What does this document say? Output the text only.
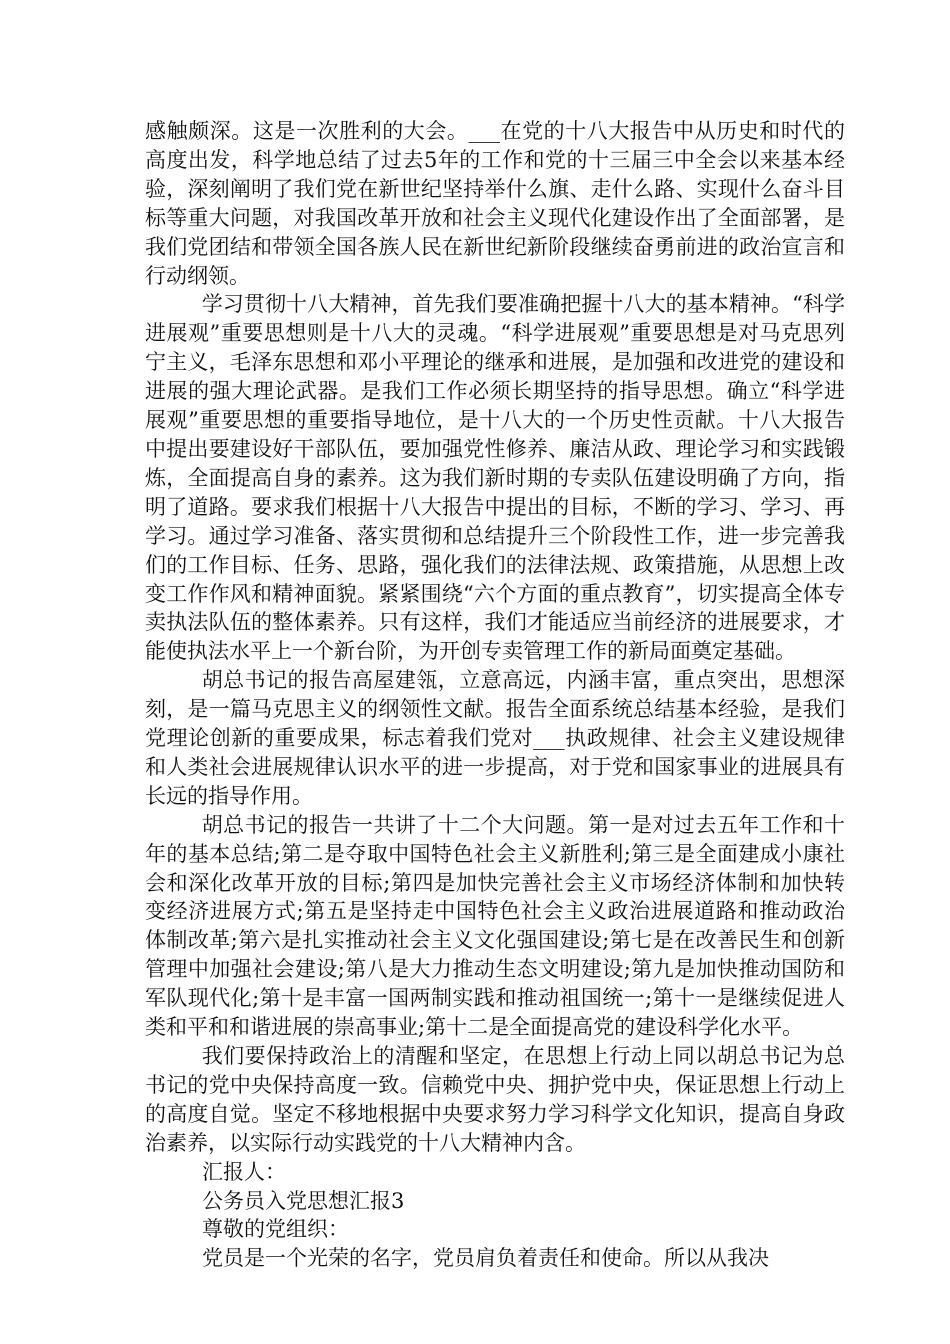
感触颇深。这是一次胜利的大会。___在党的十八大报告中从历史和时代的高度出发，科学地总结了过去5年的工作和党的十三届三中全会以来基本经验，深刻阐明了我们党在新世纪坚持举什么旗、走什么路、实现什么奋斗目标等重大问题，对我国改革开放和社会主义现代化建设作出了全面部署，是我们党团结和带领全国各族人民在新世纪新阶段继续奋勇前进的政治宣言和行动纲领。

学习贯彻十八大精神，首先我们要准确把握十八大的基本精神。“科学进展观”重要思想则是十八大的灵魂。“科学进展观”重要思想是对马克思列宁主义，毛泽东思想和邓小平理论的继承和进展，是加强和改进党的建设和进展的强大理论武器。是我们工作必须长期坚持的指导思想。确立“科学进展观”重要思想的重要指导地位，是十八大的一个历史性贡献。十八大报告中提出要建设好干部队伍，要加强党性修养、廉洁从政、理论学习和实践锻炼，全面提高自身的素养。这为我们新时期的专卖队伍建设明确了方向，指明了道路。要求我们根据十八大报告中提出的目标，不断的学习、学习、再学习。通过学习准备、落实贯彻和总结提升三个阶段性工作，进一步完善我们的工作目标、任务、思路，强化我们的法律法规、政策措施，从思想上改变工作作风和精神面貌。紧紧围绕“六个方面的重点教育”，切实提高全体专卖执法队伍的整体素养。只有这样，我们才能适应当前经济的进展要求，才能使执法水平上一个新台阶，为开创专卖管理工作的新局面奠定基础。

胡总书记的报告高屋建瓴，立意高远，内涵丰富，重点突出，思想深刻，是一篇马克思主义的纲领性文献。报告全面系统总结基本经验，是我们党理论创新的重要成果，标志着我们党对___执政规律、社会主义建设规律和人类社会进展规律认识水平的进一步提高，对于党和国家事业的进展具有长远的指导作用。

胡总书记的报告一共讲了十二个大问题。第一是对过去五年工作和十年的基本总结;第二是夺取中国特色社会主义新胜利;第三是全面建成小康社会和深化改革开放的目标;第四是加快完善社会主义市场经济体制和加快转变经济进展方式;第五是坚持走中国特色社会主义政治进展道路和推动政治体制改革;第六是扎实推动社会主义文化强国建设;第七是在改善民生和创新管理中加强社会建设;第八是大力推动生态文明建设;第九是加快推动国防和军队现代化;第十是丰富一国两制实践和推动祖国统一;第十一是继续促进人类和平和和谐进展的崇高事业;第十二是全面提高党的建设科学化水平。

我们要保持政治上的清醒和坚定，在思想上行动上同以胡总书记为总书记的党中央保持高度一致。信赖党中央、拥护党中央，保证思想上行动上的高度自觉。坚定不移地根据中央要求努力学习科学文化知识，提高自身政治素养，以实际行动实践党的十八大精神内含。

汇报人：

公务员入党思想汇报3

尊敬的党组织：

党员是一个光荣的名字，党员肩负着责任和使命。所以从我决
